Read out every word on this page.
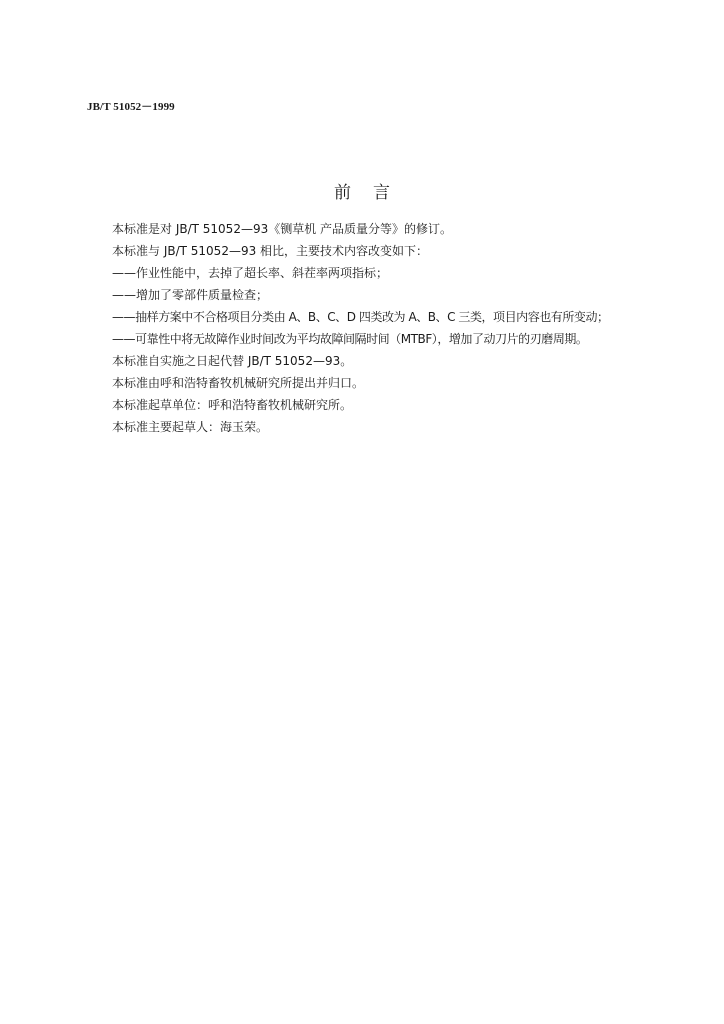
JB/T 51052－1999
前言
本标准是对 JB/T 51052—93《铡草机 产品质量分等》的修订。
本标准与 JB/T 51052—93 相比，主要技术内容改变如下：
——作业性能中，去掉了超长率、斜茬率两项指标；
——增加了零部件质量检查；
——抽样方案中不合格项目分类由 A、B、C、D 四类改为 A、B、C 三类，项目内容也有所变动；
——可靠性中将无故障作业时间改为平均故障间隔时间（MTBF），增加了动刀片的刃磨周期。
本标准自实施之日起代替 JB/T 51052—93。
本标准由呼和浩特畜牧机械研究所提出并归口。
本标准起草单位：呼和浩特畜牧机械研究所。
本标准主要起草人：海玉荣。
